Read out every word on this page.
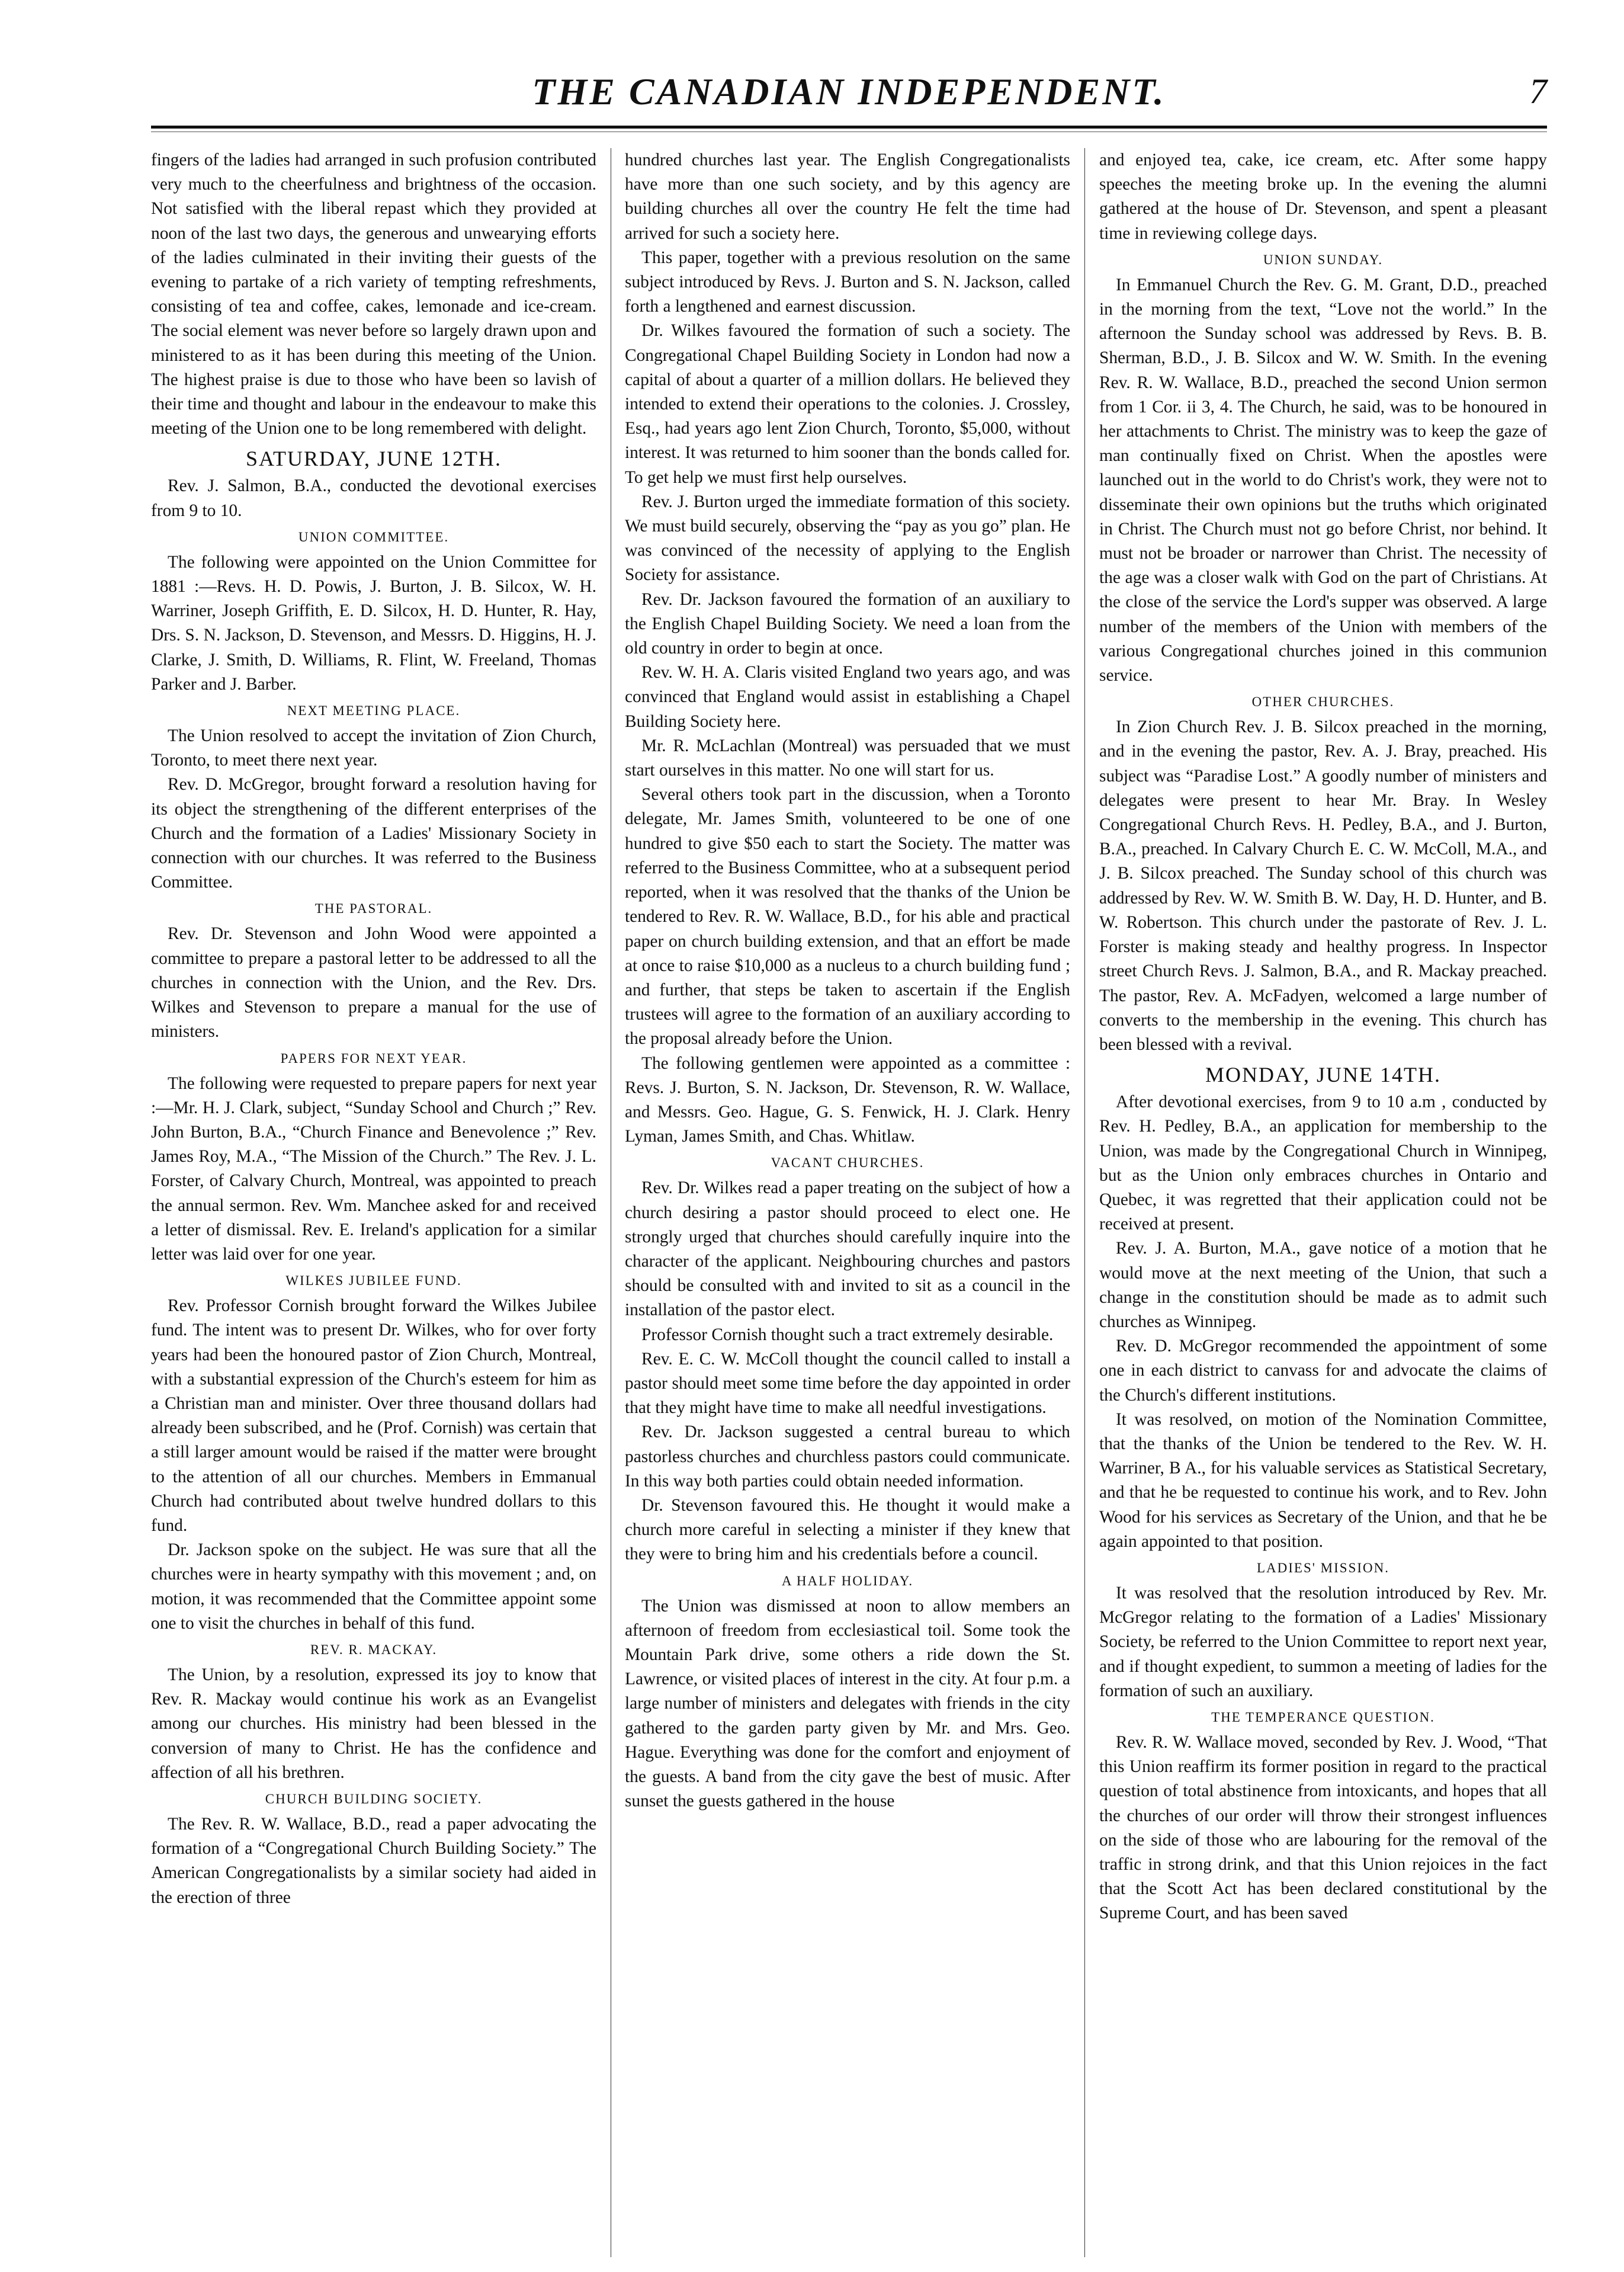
THE CANADIAN INDEPENDENT.	7

fingers of the ladies had arranged in such profusion contributed very much to the cheerfulness and brightness of the occasion. Not satisfied with the liberal repast which they provided at noon of the last two days, the generous and unwearying efforts of the ladies culminated in their inviting their guests of the evening to partake of a rich variety of tempting refreshments, consisting of tea and coffee, cakes, lemonade and ice-cream. The social element was never before so largely drawn upon and ministered to as it has been during this meeting of the Union. The highest praise is due to those who have been so lavish of their time and thought and labour in the endeavour to make this meeting of the Union one to be long remembered with delight.

SATURDAY, JUNE 12TH.

Rev. J. Salmon, B.A., conducted the devotional exercises from 9 to 10.

UNION COMMITTEE.

The following were appointed on the Union Committee for 1881 :—Revs. H. D. Powis, J. Burton, J. B. Silcox, W. H. Warriner, Joseph Griffith, E. D. Silcox, H. D. Hunter, R. Hay, Drs. S. N. Jackson, D. Stevenson, and Messrs. D. Higgins, H. J. Clarke, J. Smith, D. Williams, R. Flint, W. Freeland, Thomas Parker and J. Barber.

NEXT MEETING PLACE.

The Union resolved to accept the invitation of Zion Church, Toronto, to meet there next year.

Rev. D. McGregor, brought forward a resolution having for its object the strengthening of the different enterprises of the Church and the formation of a Ladies' Missionary Society in connection with our churches. It was referred to the Business Committee.

THE PASTORAL.

Rev. Dr. Stevenson and John Wood were appointed a committee to prepare a pastoral letter to be addressed to all the churches in connection with the Union, and the Rev. Drs. Wilkes and Stevenson to prepare a manual for the use of ministers.

PAPERS FOR NEXT YEAR.

The following were requested to prepare papers for next year :—Mr. H. J. Clark, subject, “Sunday School and Church ;” Rev. John Burton, B.A., “Church Finance and Benevolence ;” Rev. James Roy, M.A., “The Mission of the Church.” The Rev. J. L. Forster, of Calvary Church, Montreal, was appointed to preach the annual sermon. Rev. Wm. Manchee asked for and received a letter of dismissal. Rev. E. Ireland's application for a similar letter was laid over for one year.

WILKES JUBILEE FUND.

Rev. Professor Cornish brought forward the Wilkes Jubilee fund. The intent was to present Dr. Wilkes, who for over forty years had been the honoured pastor of Zion Church, Montreal, with a substantial expression of the Church's esteem for him as a Christian man and minister. Over three thousand dollars had already been subscribed, and he (Prof. Cornish) was certain that a still larger amount would be raised if the matter were brought to the attention of all our churches. Members in Emmanual Church had contributed about twelve hundred dollars to this fund.

Dr. Jackson spoke on the subject. He was sure that all the churches were in hearty sympathy with this movement ; and, on motion, it was recommended that the Committee appoint some one to visit the churches in behalf of this fund.

REV. R. MACKAY.

The Union, by a resolution, expressed its joy to know that Rev. R. Mackay would continue his work as an Evangelist among our churches. His ministry had been blessed in the conversion of many to Christ. He has the confidence and affection of all his brethren.

CHURCH BUILDING SOCIETY.

The Rev. R. W. Wallace, B.D., read a paper advocating the formation of a “Congregational Church Building Society.” The American Congregationalists by a similar society had aided in the erection of three

hundred churches last year. The English Congregationalists have more than one such society, and by this agency are building churches all over the country He felt the time had arrived for such a society here.

This paper, together with a previous resolution on the same subject introduced by Revs. J. Burton and S. N. Jackson, called forth a lengthened and earnest discussion.

Dr. Wilkes favoured the formation of such a society. The Congregational Chapel Building Society in London had now a capital of about a quarter of a million dollars. He believed they intended to extend their operations to the colonies. J. Crossley, Esq., had years ago lent Zion Church, Toronto, $5,000, without interest. It was returned to him sooner than the bonds called for. To get help we must first help ourselves.

Rev. J. Burton urged the immediate formation of this society. We must build securely, observing the “pay as you go” plan. He was convinced of the necessity of applying to the English Society for assistance.

Rev. Dr. Jackson favoured the formation of an auxiliary to the English Chapel Building Society. We need a loan from the old country in order to begin at once.

Rev. W. H. A. Claris visited England two years ago, and was convinced that England would assist in establishing a Chapel Building Society here.

Mr. R. McLachlan (Montreal) was persuaded that we must start ourselves in this matter. No one will start for us.

Several others took part in the discussion, when a Toronto delegate, Mr. James Smith, volunteered to be one of one hundred to give $50 each to start the Society. The matter was referred to the Business Committee, who at a subsequent period reported, when it was resolved that the thanks of the Union be tendered to Rev. R. W. Wallace, B.D., for his able and practical paper on church building extension, and that an effort be made at once to raise $10,000 as a nucleus to a church building fund ; and further, that steps be taken to ascertain if the English trustees will agree to the formation of an auxiliary according to the proposal already before the Union.

The following gentlemen were appointed as a committee : Revs. J. Burton, S. N. Jackson, Dr. Stevenson, R. W. Wallace, and Messrs. Geo. Hague, G. S. Fenwick, H. J. Clark. Henry Lyman, James Smith, and Chas. Whitlaw.

VACANT CHURCHES.

Rev. Dr. Wilkes read a paper treating on the subject of how a church desiring a pastor should proceed to elect one. He strongly urged that churches should carefully inquire into the character of the applicant. Neighbouring churches and pastors should be consulted with and invited to sit as a council in the installation of the pastor elect.

Professor Cornish thought such a tract extremely desirable.

Rev. E. C. W. McColl thought the council called to install a pastor should meet some time before the day appointed in order that they might have time to make all needful investigations.

Rev. Dr. Jackson suggested a central bureau to which pastorless churches and churchless pastors could communicate. In this way both parties could obtain needed information.

Dr. Stevenson favoured this. He thought it would make a church more careful in selecting a minister if they knew that they were to bring him and his credentials before a council.

A HALF HOLIDAY.

The Union was dismissed at noon to allow members an afternoon of freedom from ecclesiastical toil. Some took the Mountain Park drive, some others a ride down the St. Lawrence, or visited places of interest in the city. At four p.m. a large number of ministers and delegates with friends in the city gathered to the garden party given by Mr. and Mrs. Geo. Hague. Everything was done for the comfort and enjoyment of the guests. A band from the city gave the best of music. After sunset the guests gathered in the house

and enjoyed tea, cake, ice cream, etc. After some happy speeches the meeting broke up. In the evening the alumni gathered at the house of Dr. Stevenson, and spent a pleasant time in reviewing college days.

UNION SUNDAY.

In Emmanuel Church the Rev. G. M. Grant, D.D., preached in the morning from the text, “Love not the world.” In the afternoon the Sunday school was addressed by Revs. B. B. Sherman, B.D., J. B. Silcox and W. W. Smith. In the evening Rev. R. W. Wallace, B.D., preached the second Union sermon from 1 Cor. ii 3, 4. The Church, he said, was to be honoured in her attachments to Christ. The ministry was to keep the gaze of man continually fixed on Christ. When the apostles were launched out in the world to do Christ's work, they were not to disseminate their own opinions but the truths which originated in Christ. The Church must not go before Christ, nor behind. It must not be broader or narrower than Christ. The necessity of the age was a closer walk with God on the part of Christians. At the close of the service the Lord's supper was observed. A large number of the members of the Union with members of the various Congregational churches joined in this communion service.

OTHER CHURCHES.

In Zion Church Rev. J. B. Silcox preached in the morning, and in the evening the pastor, Rev. A. J. Bray, preached. His subject was “Paradise Lost.” A goodly number of ministers and delegates were present to hear Mr. Bray. In Wesley Congregational Church Revs. H. Pedley, B.A., and J. Burton, B.A., preached. In Calvary Church E. C. W. McColl, M.A., and J. B. Silcox preached. The Sunday school of this church was addressed by Rev. W. W. Smith B. W. Day, H. D. Hunter, and B. W. Robertson. This church under the pastorate of Rev. J. L. Forster is making steady and healthy progress. In Inspector street Church Revs. J. Salmon, B.A., and R. Mackay preached. The pastor, Rev. A. McFadyen, welcomed a large number of converts to the membership in the evening. This church has been blessed with a revival.

MONDAY, JUNE 14TH.

After devotional exercises, from 9 to 10 a.m , conducted by Rev. H. Pedley, B.A., an application for membership to the Union, was made by the Congregational Church in Winnipeg, but as the Union only embraces churches in Ontario and Quebec, it was regretted that their application could not be received at present.

Rev. J. A. Burton, M.A., gave notice of a motion that he would move at the next meeting of the Union, that such a change in the constitution should be made as to admit such churches as Winnipeg.

Rev. D. McGregor recommended the appointment of some one in each district to canvass for and advocate the claims of the Church's different institutions.

It was resolved, on motion of the Nomination Committee, that the thanks of the Union be tendered to the Rev. W. H. Warriner, B A., for his valuable services as Statistical Secretary, and that he be requested to continue his work, and to Rev. John Wood for his services as Secretary of the Union, and that he be again appointed to that position.

LADIES' MISSION.

It was resolved that the resolution introduced by Rev. Mr. McGregor relating to the formation of a Ladies' Missionary Society, be referred to the Union Committee to report next year, and if thought expedient, to summon a meeting of ladies for the formation of such an auxiliary.

THE TEMPERANCE QUESTION.

Rev. R. W. Wallace moved, seconded by Rev. J. Wood, “That this Union reaffirm its former position in regard to the practical question of total abstinence from intoxicants, and hopes that all the churches of our order will throw their strongest influences on the side of those who are labouring for the removal of the traffic in strong drink, and that this Union rejoices in the fact that the Scott Act has been declared constitutional by the Supreme Court, and has been saved
